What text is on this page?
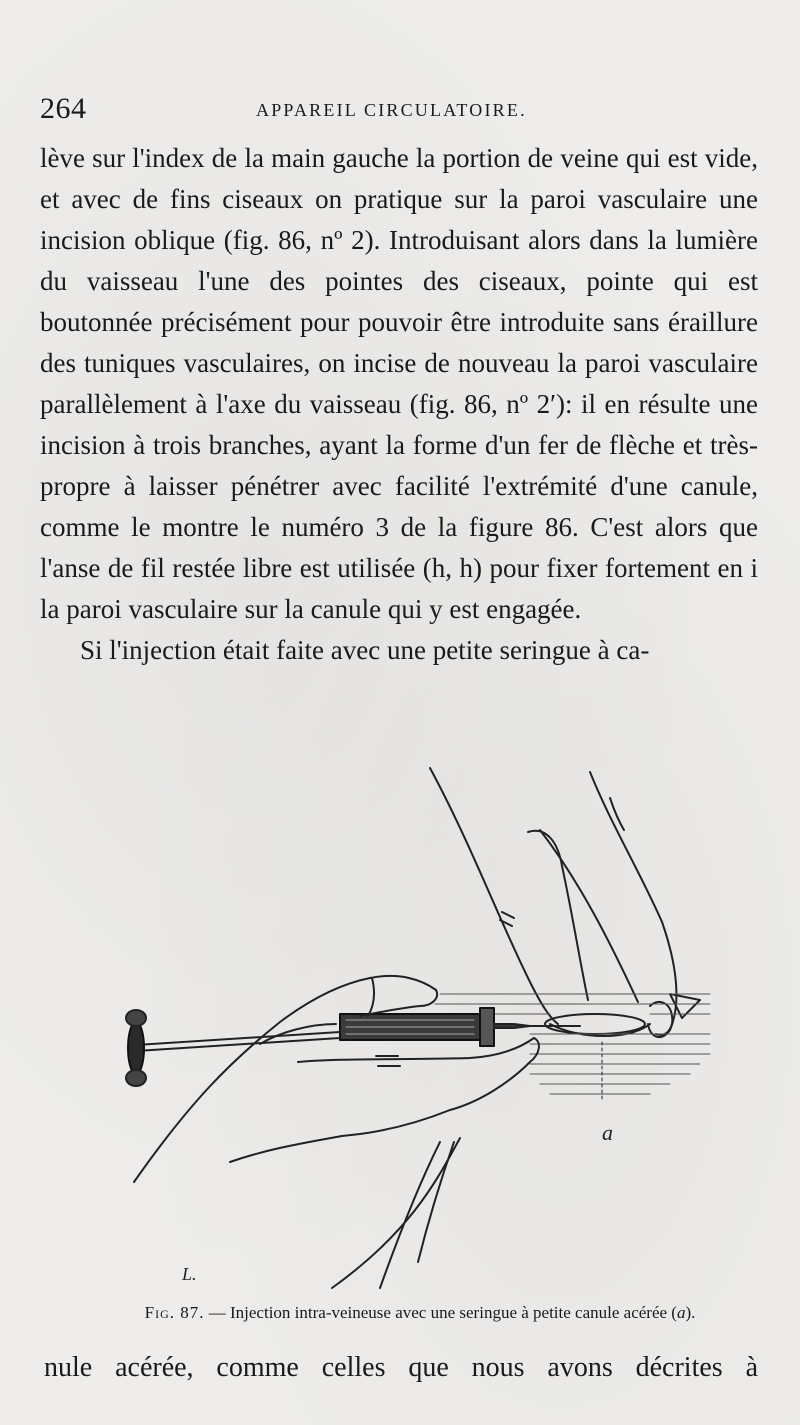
264	APPAREIL CIRCULATOIRE.

lève sur l'index de la main gauche la portion de veine qui est vide, et avec de fins ciseaux on pratique sur la paroi vasculaire une incision oblique (fig. 86, nº 2). Introduisant alors dans la lumière du vaisseau l'une des pointes des ciseaux, pointe qui est boutonnée précisément pour pouvoir être introduite sans éraillure des tuniques vasculaires, on incise de nouveau la paroi vasculaire parallèlement à l'axe du vaisseau (fig. 86, nº 2′): il en résulte une incision à trois branches, ayant la forme d'un fer de flèche et très-propre à laisser pénétrer avec facilité l'extrémité d'une canule, comme le montre le numéro 3 de la figure 86. C'est alors que l'anse de fil restée libre est utilisée (h, h) pour fixer fortement en i la paroi vasculaire sur la canule qui y est engagée.

Si l'injection était faite avec une petite seringue à ca-

a
L.
Fig. 87. — Injection intra-veineuse avec une seringue à petite canule acérée (a).
nule acérée, comme celles que nous avons décrites à
